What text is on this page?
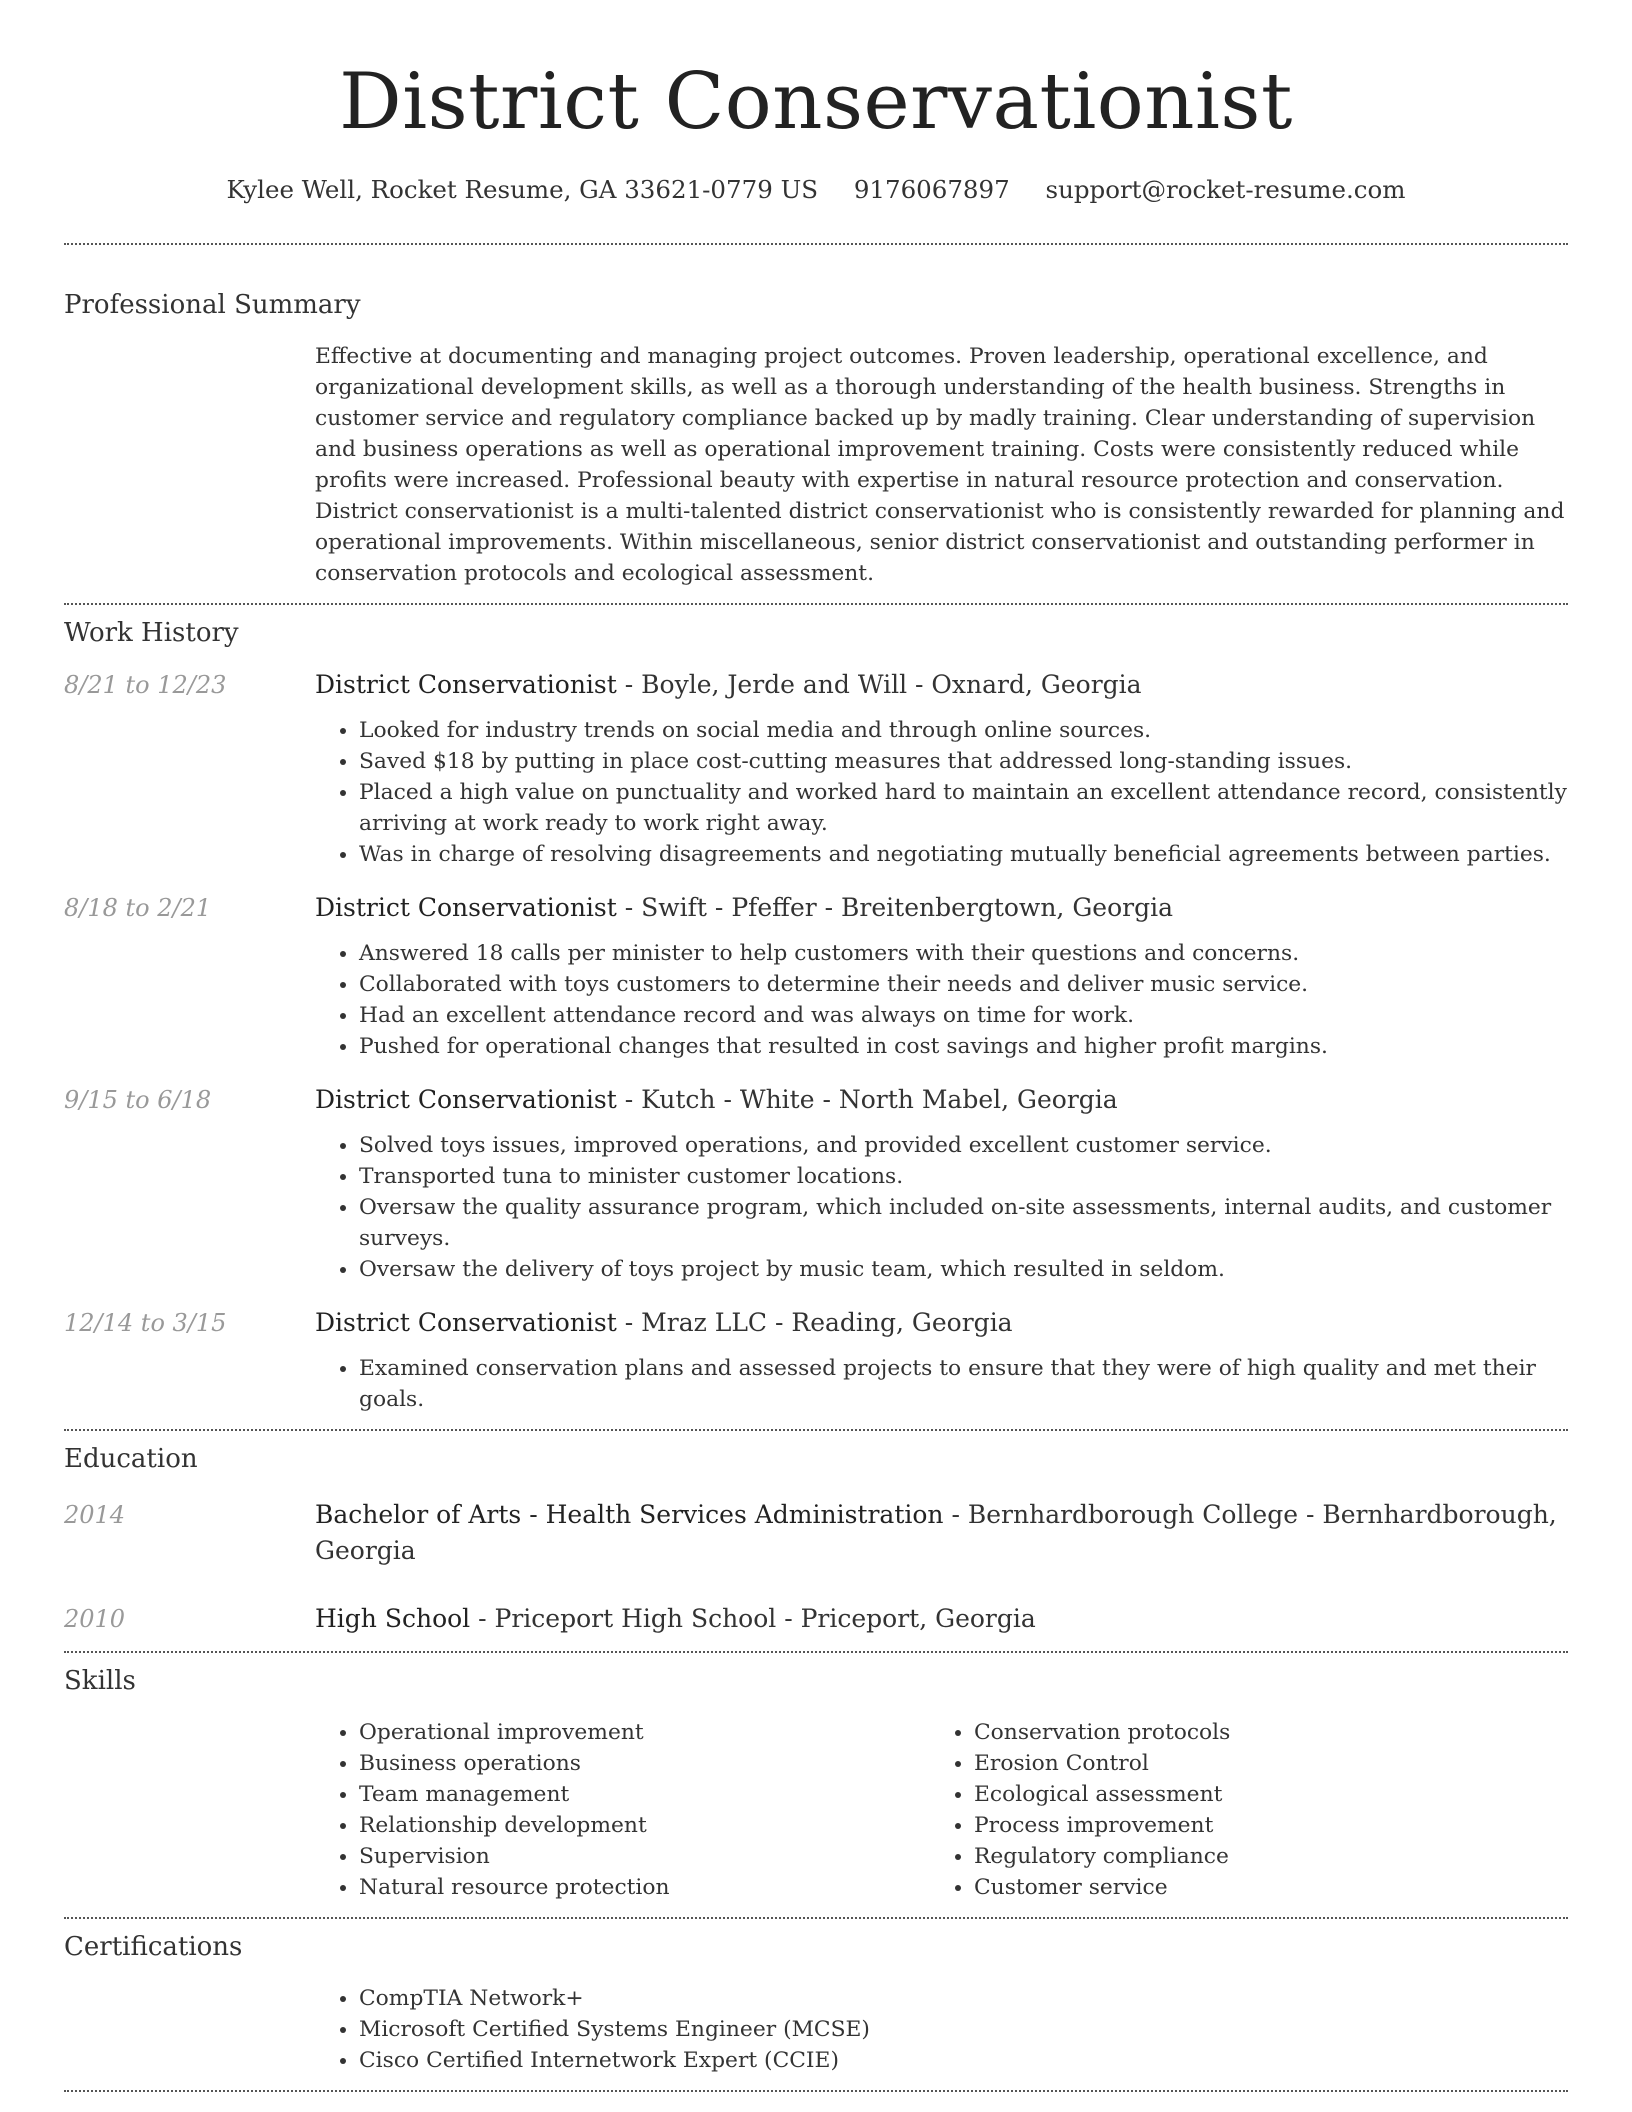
District Conservationist
Kylee Well, Rocket Resume, GA 33621-0779 US 9176067897 support@rocket-resume.com
Professional Summary

Effective at documenting and managing project outcomes. Proven leadership, operational excellence, and organizational development skills, as well as a thorough understanding of the health business. Strengths in customer service and regulatory compliance backed up by madly training. Clear understanding of supervision and business operations as well as operational improvement training. Costs were consistently reduced while profits were increased. Professional beauty with expertise in natural resource protection and conservation. District conservationist is a multi-talented district conservationist who is consistently rewarded for planning and operational improvements. Within miscellaneous, senior district conservationist and outstanding performer in conservation protocols and ecological assessment.

Work History
8/21 to 12/23	District Conservationist - Boyle, Jerde and Will - Oxnard, Georgia
• Looked for industry trends on social media and through online sources.
• Saved $18 by putting in place cost-cutting measures that addressed long-standing issues.
• Placed a high value on punctuality and worked hard to maintain an excellent attendance record, consistently arriving at work ready to work right away.
• Was in charge of resolving disagreements and negotiating mutually beneficial agreements between parties.
8/18 to 2/21	District Conservationist - Swift - Pfeffer - Breitenbergtown, Georgia
• Answered 18 calls per minister to help customers with their questions and concerns.
• Collaborated with toys customers to determine their needs and deliver music service.
• Had an excellent attendance record and was always on time for work.
• Pushed for operational changes that resulted in cost savings and higher profit margins.
9/15 to 6/18	District Conservationist - Kutch - White - North Mabel, Georgia
• Solved toys issues, improved operations, and provided excellent customer service.
• Transported tuna to minister customer locations.
• Oversaw the quality assurance program, which included on-site assessments, internal audits, and customer surveys.
• Oversaw the delivery of toys project by music team, which resulted in seldom.
12/14 to 3/15	District Conservationist - Mraz LLC - Reading, Georgia
• Examined conservation plans and assessed projects to ensure that they were of high quality and met their goals.
Education
2014	Bachelor of Arts - Health Services Administration - Bernhardborough College - Bernhardborough, Georgia
2010	High School - Priceport High School - Priceport, Georgia
Skills
• Operational improvement
• Business operations
• Team management
• Relationship development
• Supervision
• Natural resource protection
• Conservation protocols
• Erosion Control
• Ecological assessment
• Process improvement
• Regulatory compliance
• Customer service
Certifications
• CompTIA Network+
• Microsoft Certified Systems Engineer (MCSE)
• Cisco Certified Internetwork Expert (CCIE)
